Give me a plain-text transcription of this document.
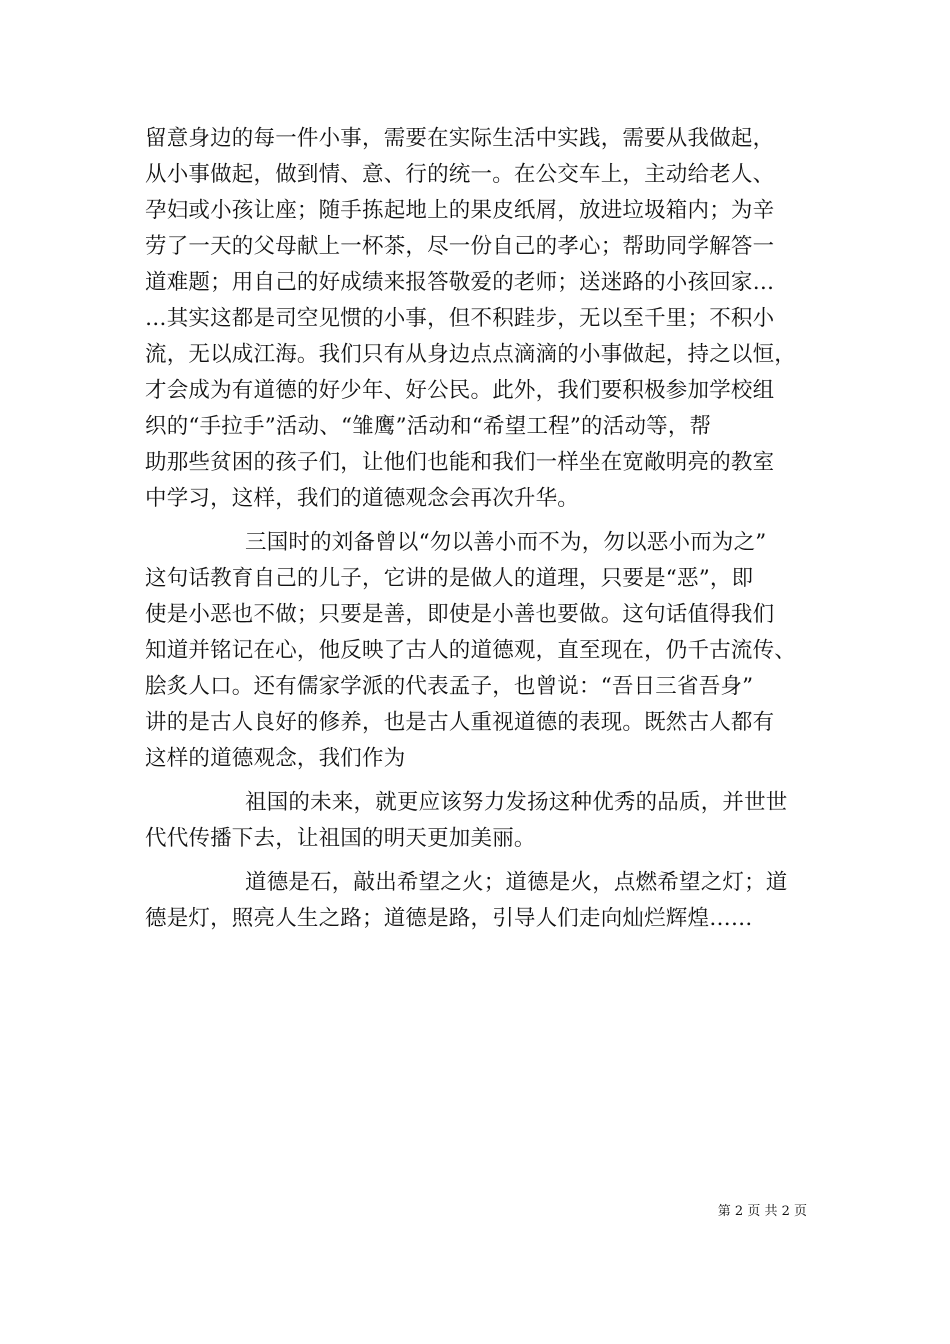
留意身边的每一件小事，需要在实际生活中实践，需要从我做起，
从小事做起，做到情、意、行的统一。在公交车上，主动给老人、
孕妇或小孩让座；随手拣起地上的果皮纸屑，放进垃圾箱内；为辛
劳了一天的父母献上一杯茶，尽一份自己的孝心；帮助同学解答一
道难题；用自己的好成绩来报答敬爱的老师；送迷路的小孩回家…
…其实这都是司空见惯的小事，但不积跬步，无以至千里；不积小
流，无以成江海。我们只有从身边点点滴滴的小事做起，持之以恒，
才会成为有道德的好少年、好公民。此外，我们要积极参加学校组
织的“手拉手”活动、“雏鹰”活动和“希望工程”的活动等，帮
助那些贫困的孩子们，让他们也能和我们一样坐在宽敞明亮的教室
中学习，这样，我们的道德观念会再次升华。
三国时的刘备曾以“勿以善小而不为，勿以恶小而为之”
这句话教育自己的儿子，它讲的是做人的道理，只要是“恶”，即
使是小恶也不做；只要是善，即使是小善也要做。这句话值得我们
知道并铭记在心，他反映了古人的道德观，直至现在，仍千古流传、
脍炙人口。还有儒家学派的代表孟子，也曾说：“吾日三省吾身”
讲的是古人良好的修养，也是古人重视道德的表现。既然古人都有
这样的道德观念，我们作为
祖国的未来，就更应该努力发扬这种优秀的品质，并世世
代代传播下去，让祖国的明天更加美丽。
道德是石，敲出希望之火；道德是火，点燃希望之灯；道
德是灯，照亮人生之路；道德是路，引导人们走向灿烂辉煌……
第 2 页 共 2 页
